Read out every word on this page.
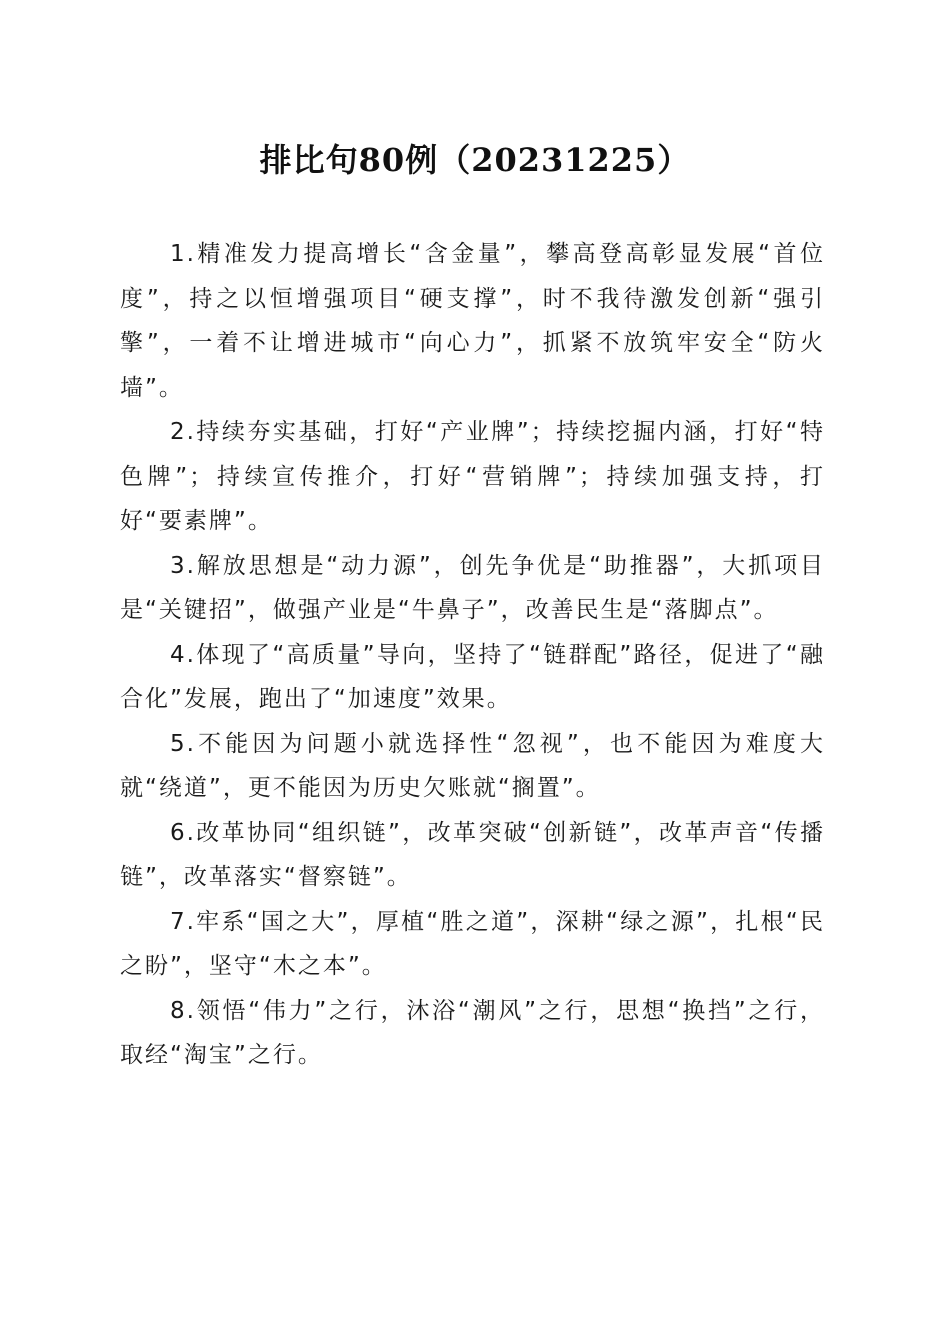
排比句80例（20231225）

1.精准发力提高增长“含金量”，攀高登高彰显发展“首位度”，持之以恒增强项目“硬支撑”，时不我待激发创新“强引擎”，一着不让增进城市“向心力”，抓紧不放筑牢安全“防火墙”。

2.持续夯实基础，打好“产业牌”；持续挖掘内涵，打好“特色牌”；持续宣传推介，打好“营销牌”；持续加强支持，打好“要素牌”。

3.解放思想是“动力源”，创先争优是“助推器”，大抓项目是“关键招”，做强产业是“牛鼻子”，改善民生是“落脚点”。

4.体现了“高质量”导向，坚持了“链群配”路径，促进了“融合化”发展，跑出了“加速度”效果。

5.不能因为问题小就选择性“忽视”，也不能因为难度大就“绕道”，更不能因为历史欠账就“搁置”。

6.改革协同“组织链”，改革突破“创新链”，改革声音“传播链”，改革落实“督察链”。

7.牢系“国之大”，厚植“胜之道”，深耕“绿之源”，扎根“民之盼”，坚守“木之本”。

8.领悟“伟力”之行，沐浴“潮风”之行，思想“换挡”之行，取经“淘宝”之行。
